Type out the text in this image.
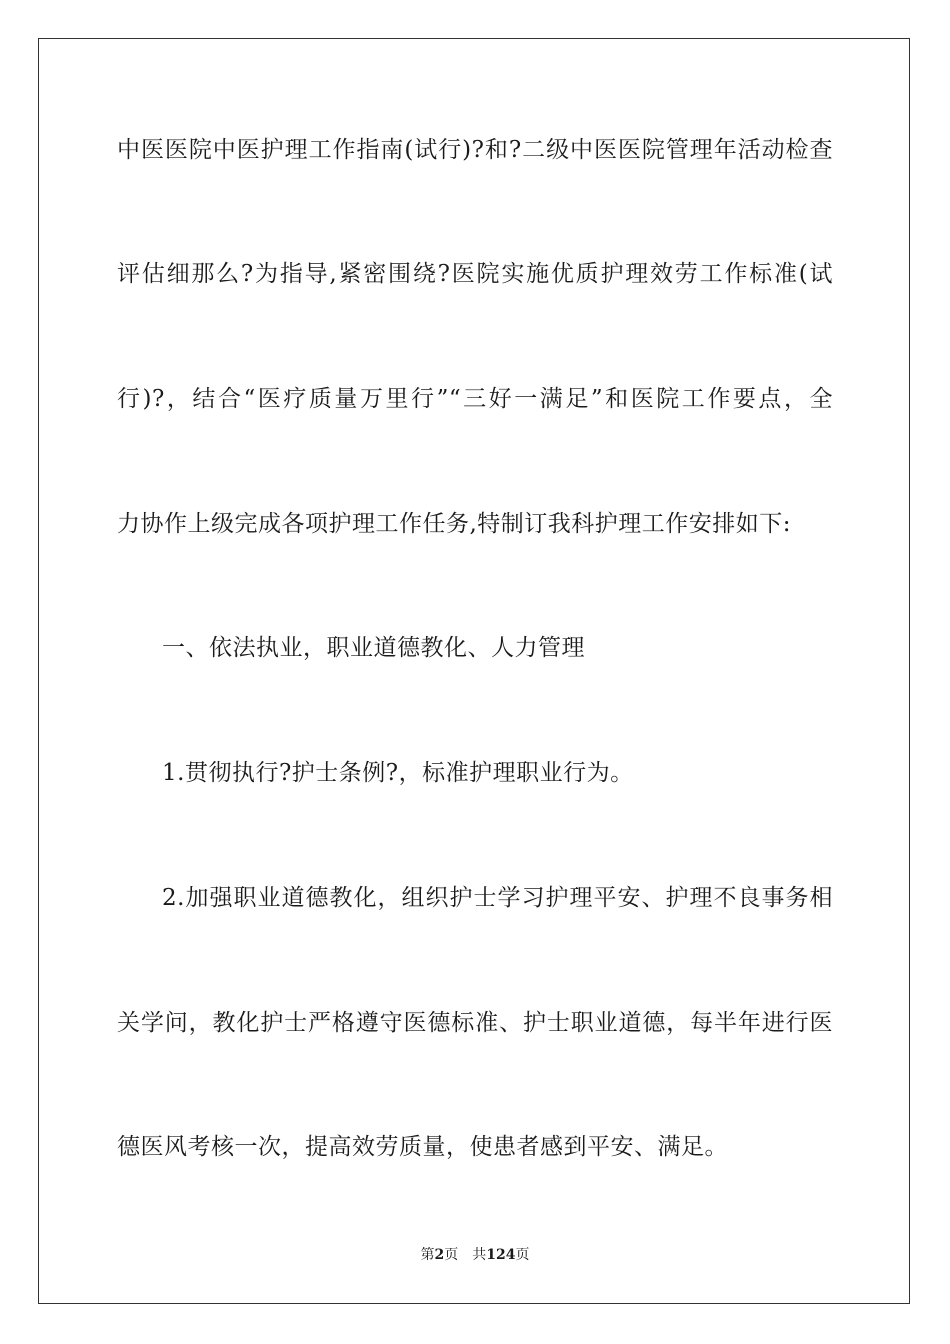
中医医院中医护理工作指南(试行)?和?二级中医医院管理年活动检查
评估细那么?为指导,紧密围绕?医院实施优质护理效劳工作标准(试
行)?，结合“医疗质量万里行”“三好一满足”和医院工作要点，全
力协作上级完成各项护理工作任务,特制订我科护理工作安排如下:
一、依法执业，职业道德教化、人力管理
1.贯彻执行?护士条例?，标准护理职业行为。
2.加强职业道德教化，组织护士学习护理平安、护理不良事务相
关学问，教化护士严格遵守医德标准、护士职业道德，每半年进行医
德医风考核一次，提高效劳质量，使患者感到平安、满足。
第2页 共124页
